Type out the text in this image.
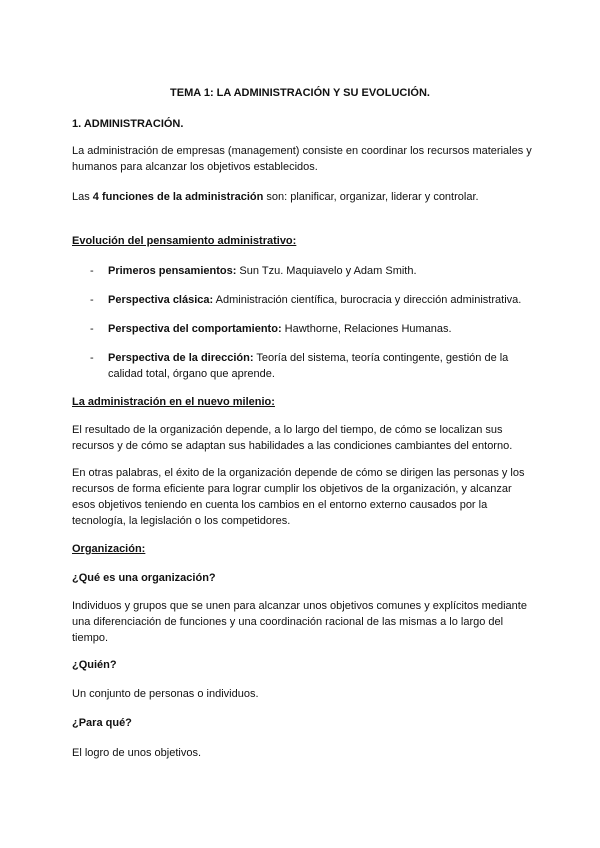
TEMA 1: LA ADMINISTRACIÓN Y SU EVOLUCIÓN.

1. ADMINISTRACIÓN.

La administración de empresas (management) consiste en coordinar los recursos materiales y humanos para alcanzar los objetivos establecidos.

Las 4 funciones de la administración son: planificar, organizar, liderar y controlar.

Evolución del pensamiento administrativo:

-	Primeros pensamientos: Sun Tzu. Maquiavelo y Adam Smith.

-	Perspectiva clásica: Administración científica, burocracia y dirección administrativa.

-	Perspectiva del comportamiento: Hawthorne, Relaciones Humanas.

-	Perspectiva de la dirección: Teoría del sistema, teoría contingente, gestión de la calidad total, órgano que aprende.

La administración en el nuevo milenio:

El resultado de la organización depende, a lo largo del tiempo, de cómo se localizan sus recursos y de cómo se adaptan sus habilidades a las condiciones cambiantes del entorno.

En otras palabras, el éxito de la organización depende de cómo se dirigen las personas y los recursos de forma eficiente para lograr cumplir los objetivos de la organización, y alcanzar esos objetivos teniendo en cuenta los cambios en el entorno externo causados por la tecnología, la legislación o los competidores.

Organización:

¿Qué es una organización?

Individuos y grupos que se unen para alcanzar unos objetivos comunes y explícitos mediante una diferenciación de funciones y una coordinación racional de las mismas a lo largo del tiempo.

¿Quién?

Un conjunto de personas o individuos.

¿Para qué?

El logro de unos objetivos.
